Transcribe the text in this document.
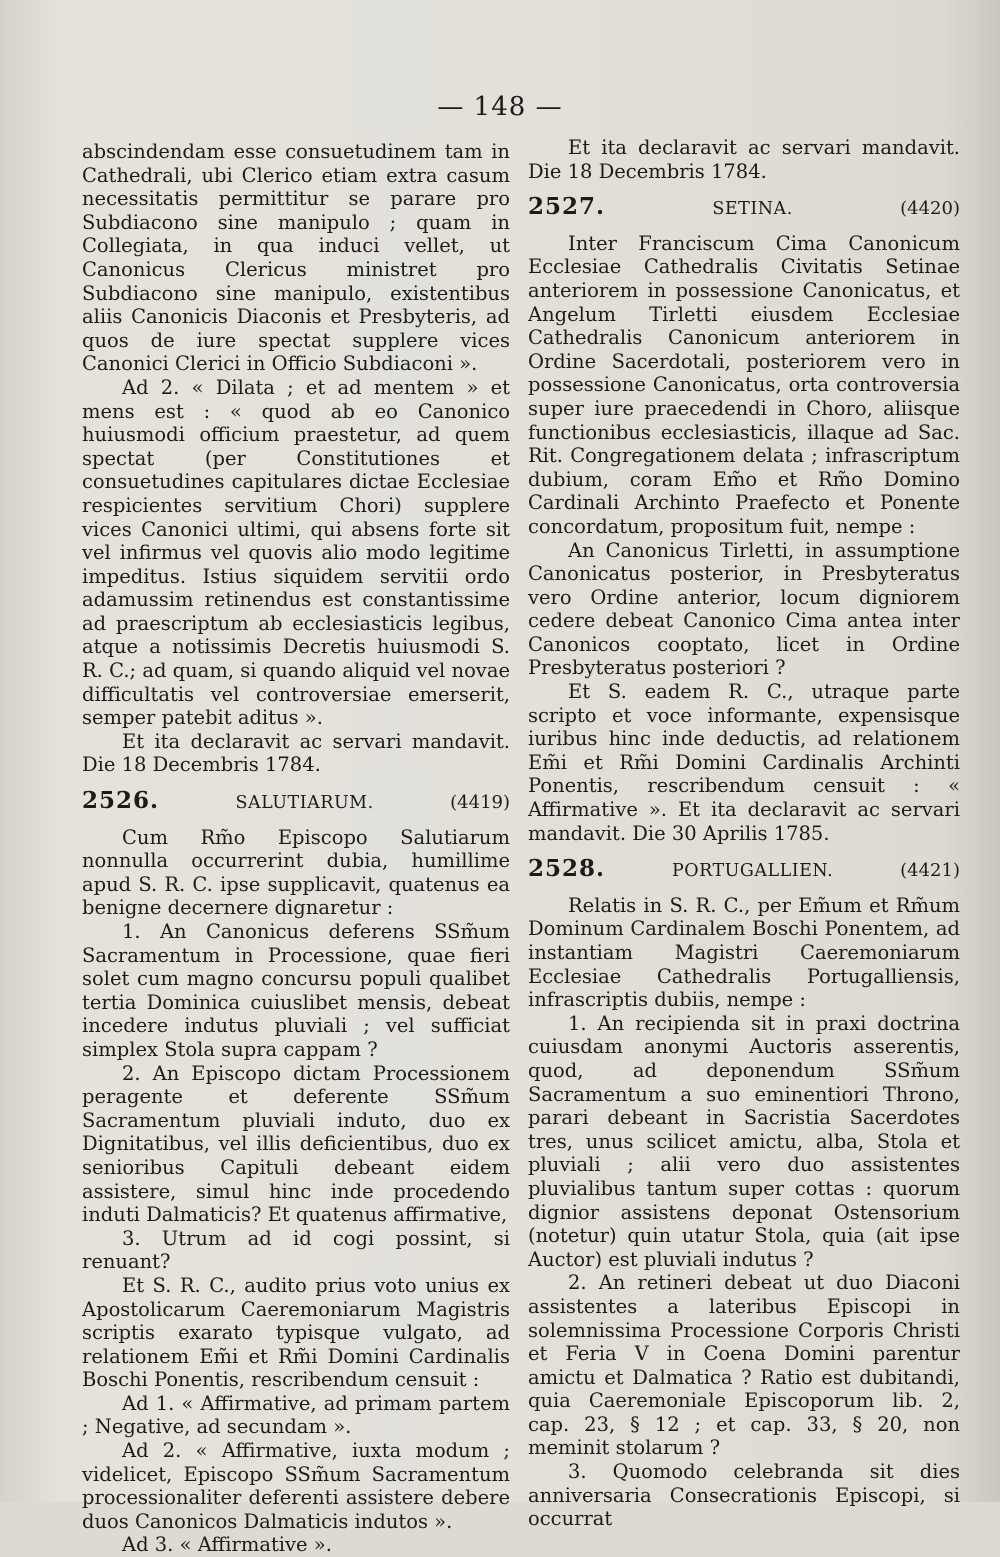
— 148 —

abscindendam esse consuetudinem tam in Cathedrali, ubi Clerico etiam extra casum necessitatis permittitur se parare pro Subdiacono sine manipulo ; quam in Collegiata, in qua induci vellet, ut Canonicus Clericus ministret pro Subdiacono sine manipulo, existentibus aliis Canonicis Diaconis et Presbyteris, ad quos de iure spectat supplere vices Canonici Clerici in Officio Subdiaconi ».

Ad 2. « Dilata ; et ad mentem » et mens est : « quod ab eo Canonico huiusmodi officium praestetur, ad quem spectat (per Constitutiones et consuetudines capitulares dictae Ecclesiae respicientes servitium Chori) supplere vices Canonici ultimi, qui absens forte sit vel infirmus vel quovis alio modo legitime impeditus. Istius siquidem servitii ordo adamussim retinendus est constantissime ad praescriptum ab ecclesiasticis legibus, atque a notissimis Decretis huiusmodi S. R. C.; ad quam, si quando aliquid vel novae difficultatis vel controversiae emerserit, semper patebit aditus ».

Et ita declaravit ac servari mandavit. Die 18 Decembris 1784.

2526.	SALUTIARUM.	(4419)

Cum Rm̃o Episcopo Salutiarum nonnulla occurrerint dubia, humillime apud S. R. C. ipse supplicavit, quatenus ea benigne decernere dignaretur :

1. An Canonicus deferens SSm̃um Sacramentum in Processione, quae fieri solet cum magno concursu populi qualibet tertia Dominica cuiuslibet mensis, debeat incedere indutus pluviali ; vel sufficiat simplex Stola supra cappam ?

2. An Episcopo dictam Processionem peragente et deferente SSm̃um Sacramentum pluviali induto, duo ex Dignitatibus, vel illis deficientibus, duo ex senioribus Capituli debeant eidem assistere, simul hinc inde procedendo induti Dalmaticis? Et quatenus affirmative,

3. Utrum ad id cogi possint, si renuant?

Et S. R. C., audito prius voto unius ex Apostolicarum Caeremoniarum Magistris scriptis exarato typisque vulgato, ad relationem Em̃i et Rm̃i Domini Cardinalis Boschi Ponentis, rescribendum censuit :

Ad 1. « Affirmative, ad primam partem ; Negative, ad secundam ».

Ad 2. « Affirmative, iuxta modum ; videlicet, Episcopo SSm̃um Sacramentum processionaliter deferenti assistere debere duos Canonicos Dalmaticis indutos ».

Ad 3. « Affirmative ».

Et ita declaravit ac servari mandavit. Die 18 Decembris 1784.

2527.	SETINA.	(4420)

Inter Franciscum Cima Canonicum Ecclesiae Cathedralis Civitatis Setinae anteriorem in possessione Canonicatus, et Angelum Tirletti eiusdem Ecclesiae Cathedralis Canonicum anteriorem in Ordine Sacerdotali, posteriorem vero in possessione Canonicatus, orta controversia super iure praecedendi in Choro, aliisque functionibus ecclesiasticis, illaque ad Sac. Rit. Congregationem delata ; infrascriptum dubium, coram Em̃o et Rm̃o Domino Cardinali Archinto Praefecto et Ponente concordatum, propositum fuit, nempe :

An Canonicus Tirletti, in assumptione Canonicatus posterior, in Presbyteratus vero Ordine anterior, locum digniorem cedere debeat Canonico Cima antea inter Canonicos cooptato, licet in Ordine Presbyteratus posteriori ?

Et S. eadem R. C., utraque parte scripto et voce informante, expensisque iuribus hinc inde deductis, ad relationem Em̃i et Rm̃i Domini Cardinalis Archinti Ponentis, rescribendum censuit : « Affirmative ». Et ita declaravit ac servari mandavit. Die 30 Aprilis 1785.

2528.	PORTUGALLIEN.	(4421)

Relatis in S. R. C., per Em̃um et Rm̃um Dominum Cardinalem Boschi Ponentem, ad instantiam Magistri Caeremoniarum Ecclesiae Cathedralis Portugalliensis, infrascriptis dubiis, nempe :

1. An recipienda sit in praxi doctrina cuiusdam anonymi Auctoris asserentis, quod, ad deponendum SSm̃um Sacramentum a suo eminentiori Throno, parari debeant in Sacristia Sacerdotes tres, unus scilicet amictu, alba, Stola et pluviali ; alii vero duo assistentes pluvialibus tantum super cottas : quorum dignior assistens deponat Ostensorium (notetur) quin utatur Stola, quia (ait ipse Auctor) est pluviali indutus ?

2. An retineri debeat ut duo Diaconi assistentes a lateribus Episcopi in solemnissima Processione Corporis Christi et Feria V in Coena Domini parentur amictu et Dalmatica ? Ratio est dubitandi, quia Caeremoniale Episcoporum lib. 2, cap. 23, § 12 ; et cap. 33, § 20, non meminit stolarum ?

3. Quomodo celebranda sit dies anniversaria Consecrationis Episcopi, si occurrat
